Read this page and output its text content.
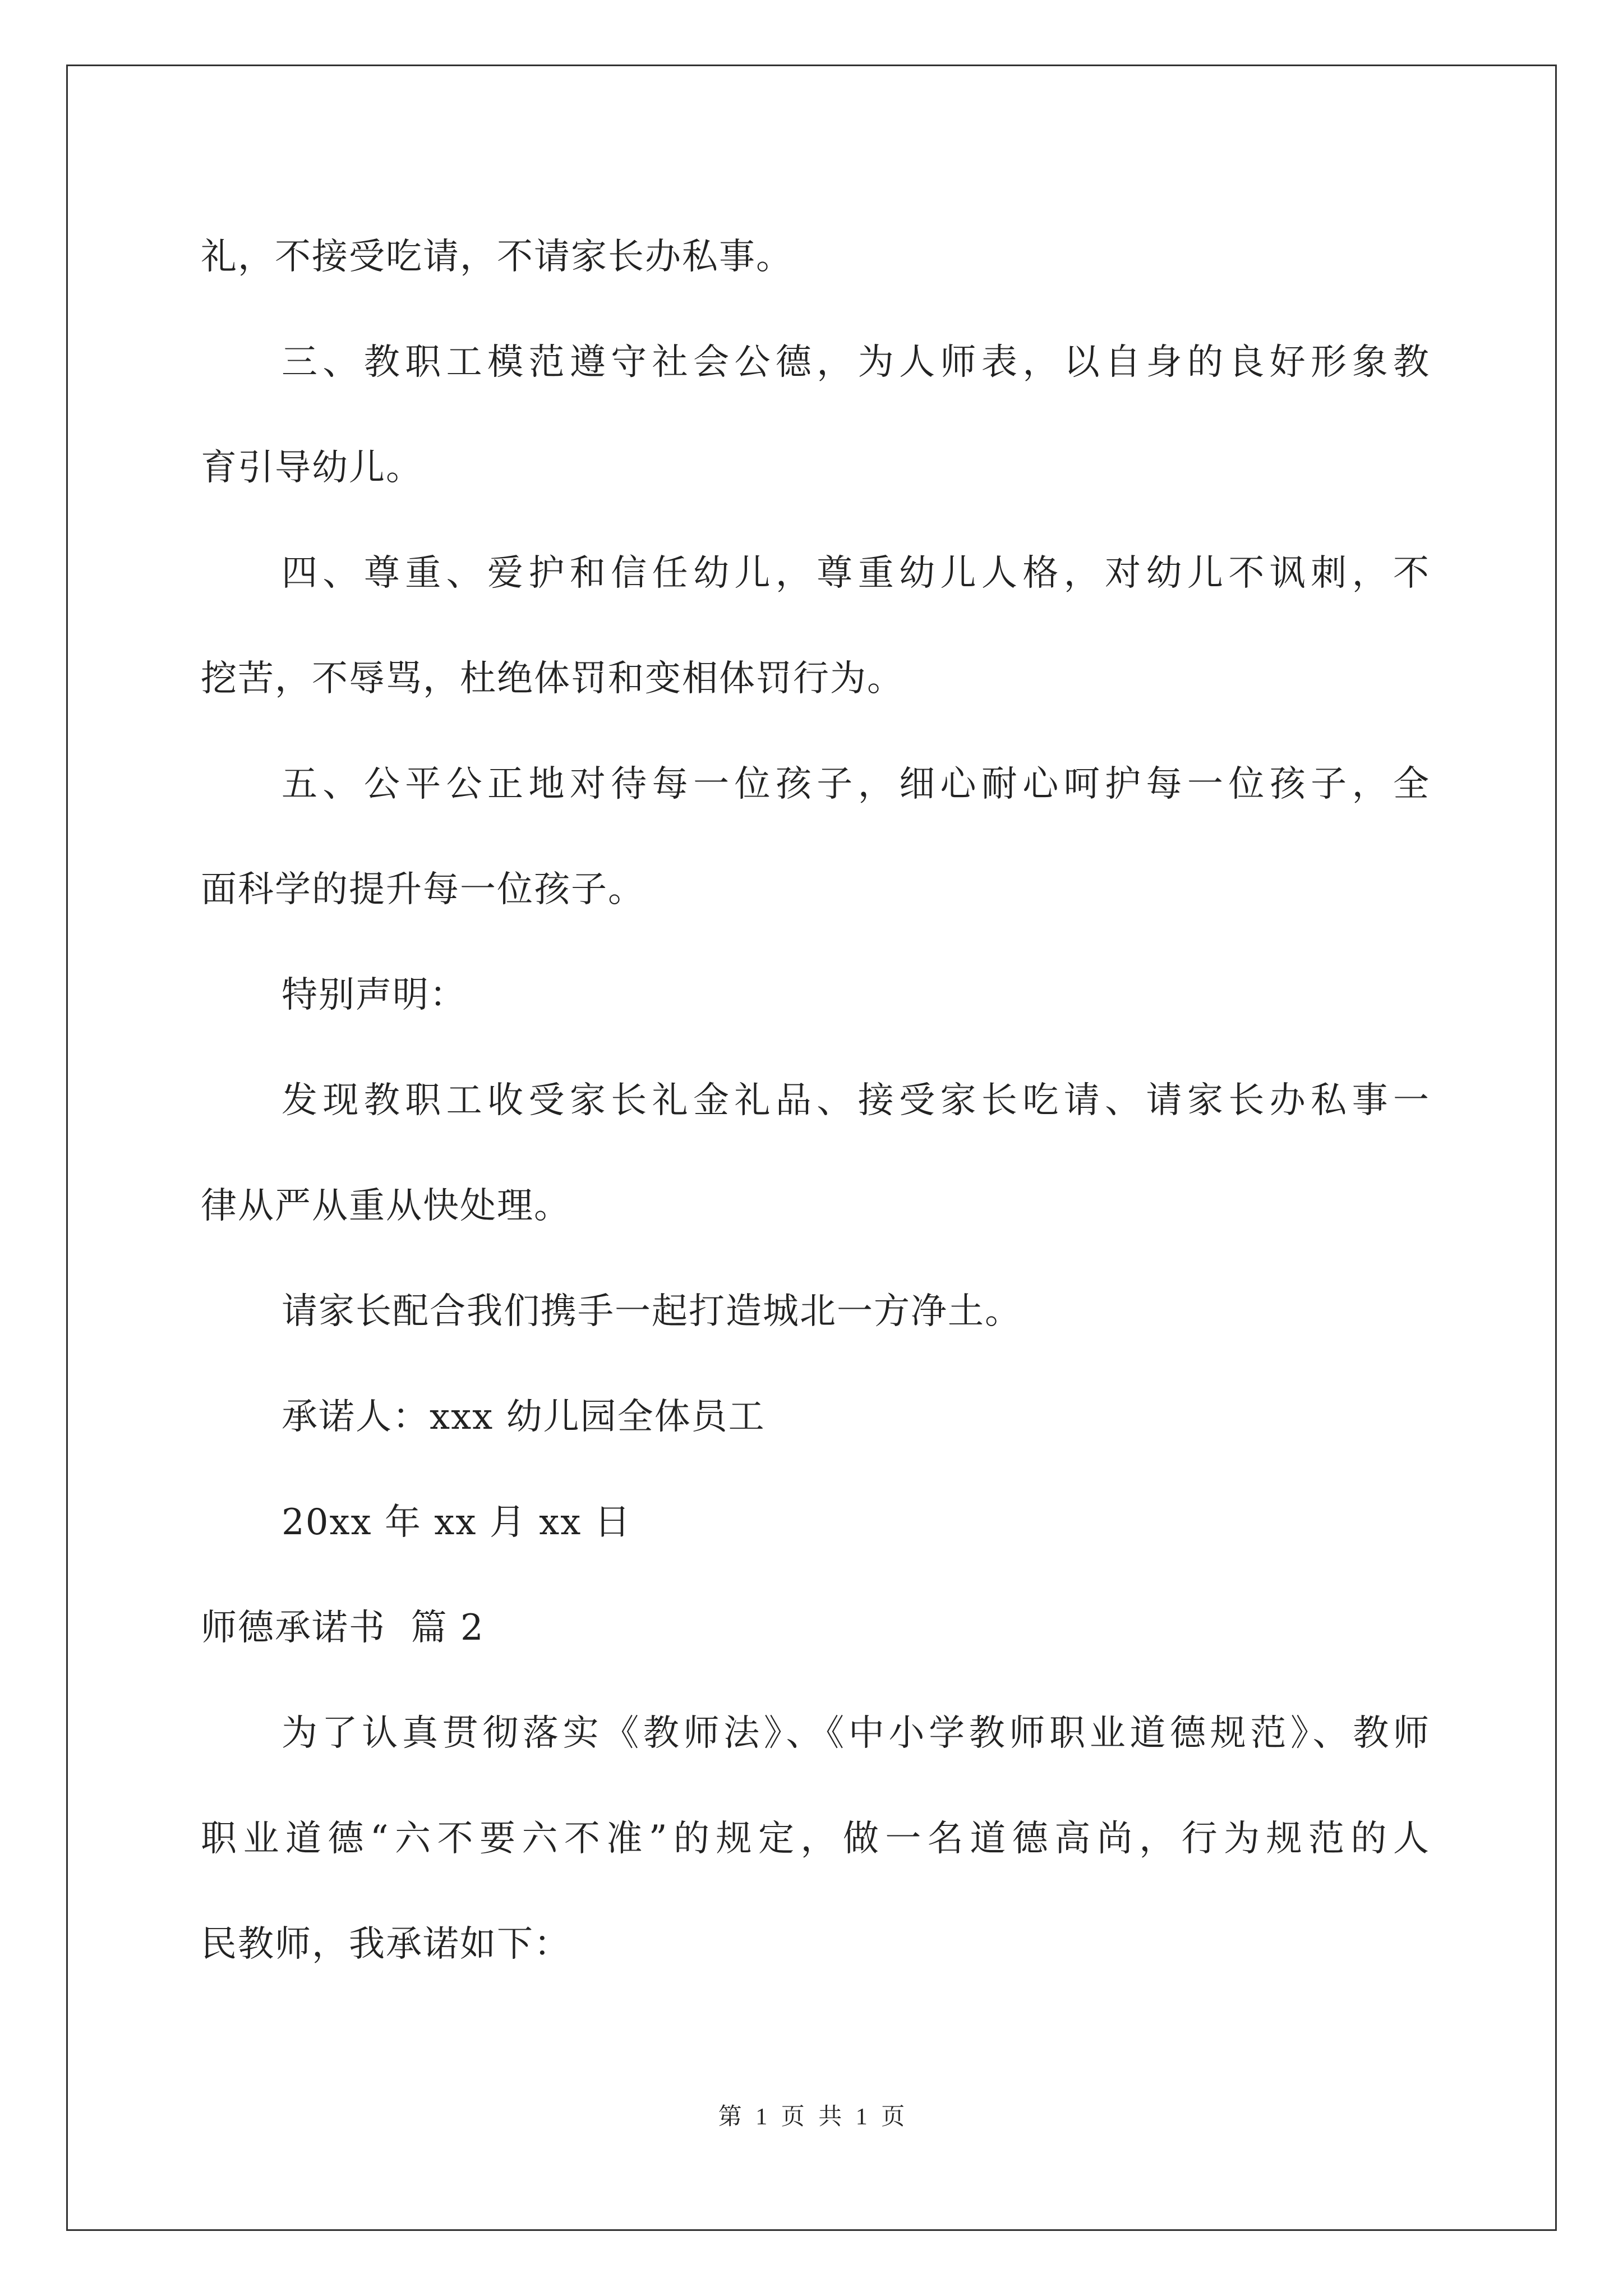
礼，不接受吃请，不请家长办私事。
三、教职工模范遵守社会公德，为人师表，以自身的良好形象教
育引导幼儿。
四、尊重、爱护和信任幼儿，尊重幼儿人格，对幼儿不讽刺，不
挖苦，不辱骂，杜绝体罚和变相体罚行为。
五、公平公正地对待每一位孩子，细心耐心呵护每一位孩子，全
面科学的提升每一位孩子。
特别声明：
发现教职工收受家长礼金礼品、接受家长吃请、请家长办私事一
律从严从重从快处理。
请家长配合我们携手一起打造城北一方净土。
承诺人：xxx 幼儿园全体员工
20xx 年 xx 月 xx 日
师德承诺书  篇 2
为了认真贯彻落实《教师法》、《中小学教师职业道德规范》、教师
职业道德“六不要六不准”的规定，做一名道德高尚，行为规范的人
民教师，我承诺如下：
第 1 页 共 1 页
